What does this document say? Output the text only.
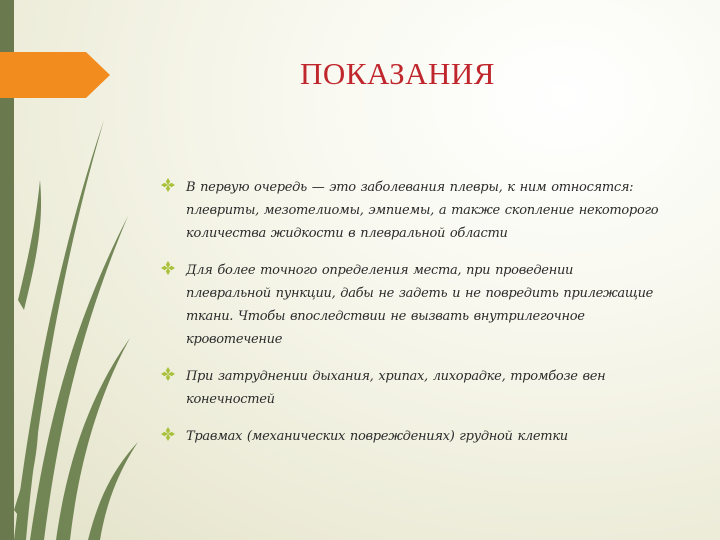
ПОКАЗАНИЯ
В первую очередь — это заболевания плевры, к ним относятся: плевриты, мезотелиомы, эмпиемы, а также скопление некоторого количества жидкости в плевральной области
Для более точного определения места, при проведении плевральной пункции, дабы не задеть и не повредить прилежащие ткани. Чтобы впоследствии не вызвать внутрилегочное кровотечение
При затруднении дыхания, хрипах, лихорадке, тромбозе вен конечностей
Травмах (механических повреждениях) грудной клетки
